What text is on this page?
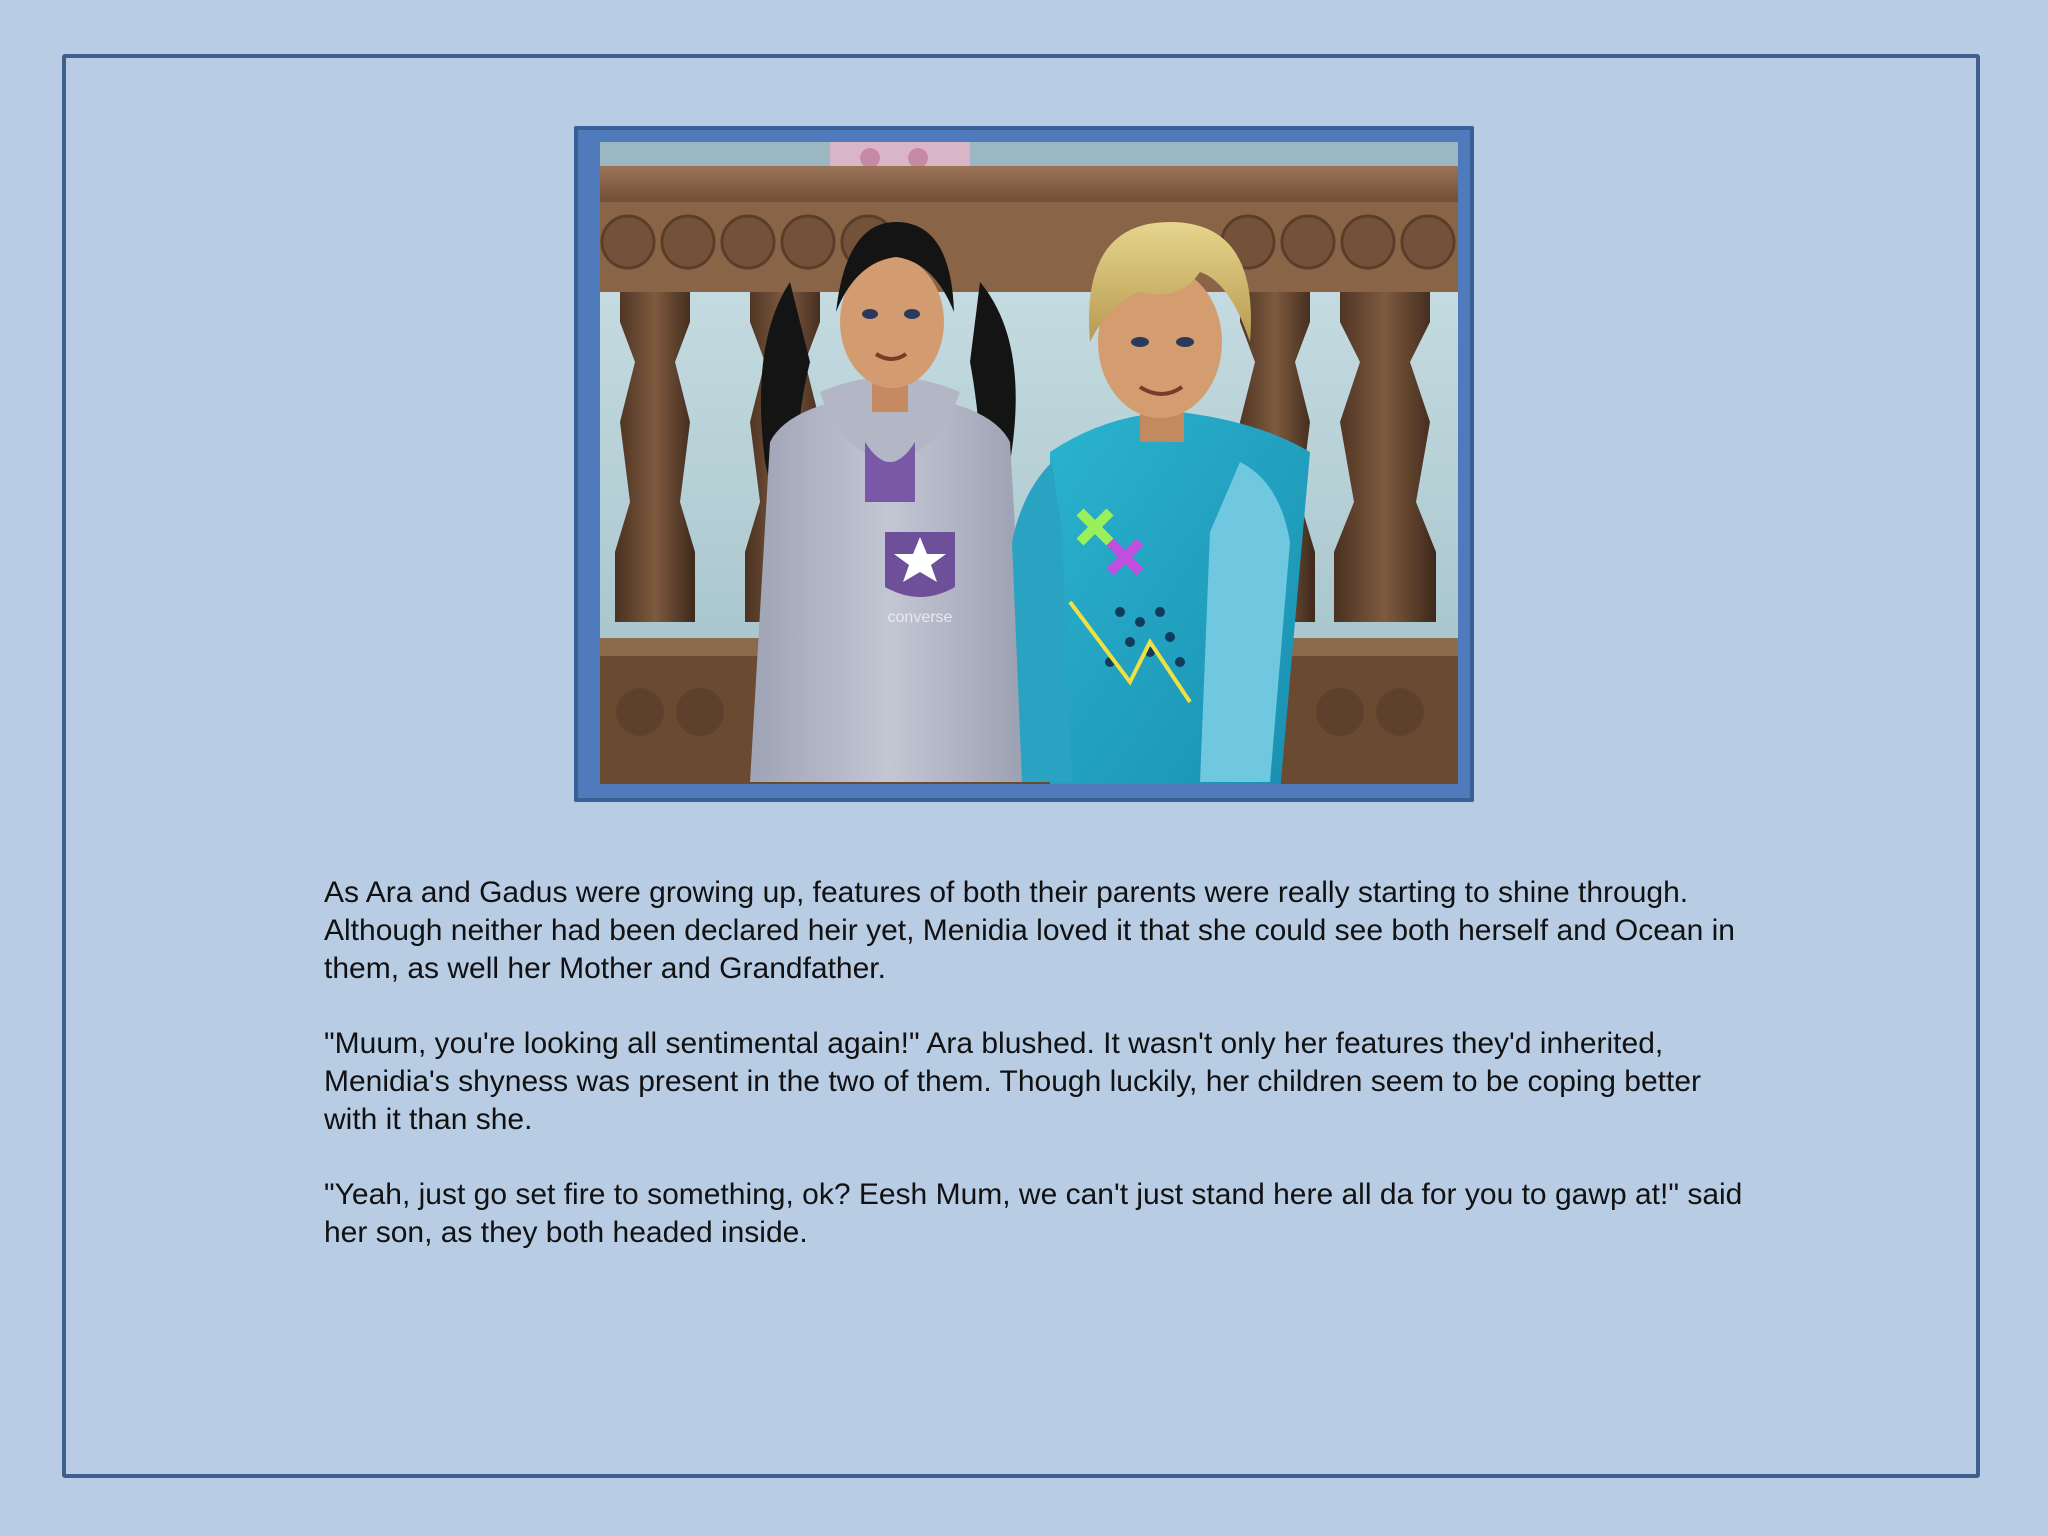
converse

As Ara and Gadus were growing up, features of both their parents were really starting to shine through. Although neither had been declared heir yet, Menidia loved it that she could see both herself and Ocean in them, as well her Mother and Grandfather.

"Muum, you're looking all sentimental again!" Ara blushed. It wasn't only her features they'd inherited, Menidia's shyness was present in the two of them. Though luckily, her children seem to be coping better with it than she.

"Yeah, just go set fire to something, ok? Eesh Mum, we can't just stand here all da for you to gawp at!" said her son, as they both headed inside.
